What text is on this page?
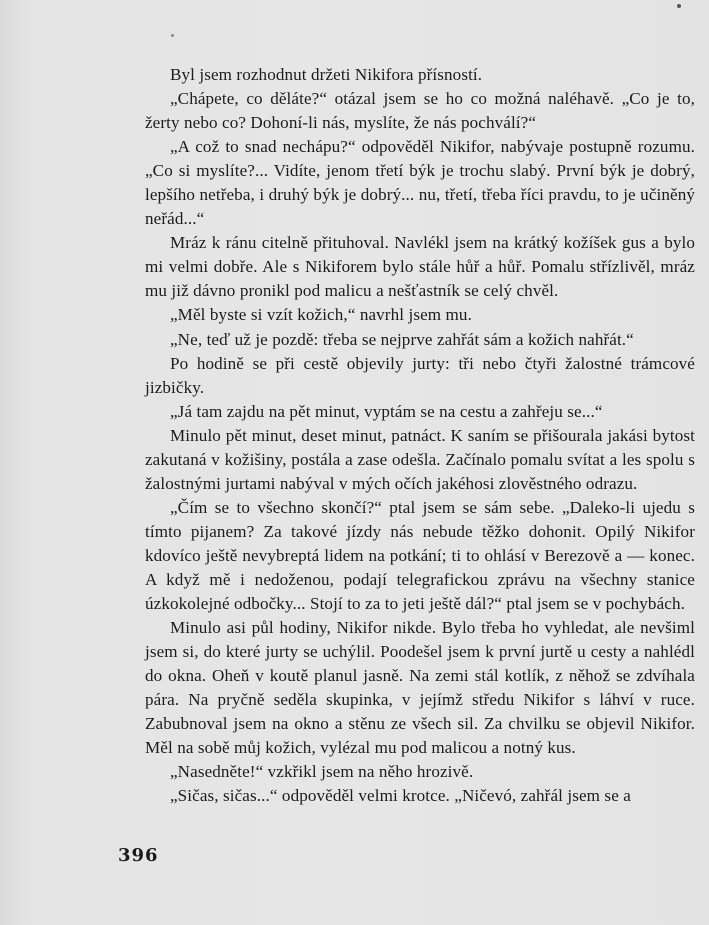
Byl jsem rozhodnut držeti Nikifora přísností.

„Chápete, co děláte?“ otázal jsem se ho co možná naléhavě. „Co je to, žerty nebo co? Dohoní-li nás, myslíte, že nás pochválí?“

„A což to snad nechápu?“ odpověděl Nikifor, nabývaje postupně rozumu. „Co si myslíte?... Vidíte, jenom třetí býk je trochu slabý. První býk je dobrý, lepšího netřeba, i druhý býk je dobrý... nu, třetí, třeba říci pravdu, to je učiněný neřád...“

Mráz k ránu citelně přituhoval. Navlékl jsem na krátký kožíšek gus a bylo mi velmi dobře. Ale s Nikiforem bylo stále hůř a hůř. Pomalu střízlivěl, mráz mu již dávno pronikl pod malicu a nešťastník se celý chvěl.

„Měl byste si vzít kožich,“ navrhl jsem mu.

„Ne, teď už je pozdě: třeba se nejprve zahřát sám a kožich nahřát.“

Po hodině se při cestě objevily jurty: tři nebo čtyři žalostné trámcové jizbičky.

„Já tam zajdu na pět minut, vyptám se na cestu a zahřeju se...“

Minulo pět minut, deset minut, patnáct. K saním se přišourala jakási bytost zakutaná v kožišiny, postála a zase odešla. Začínalo pomalu svítat a les spolu s žalostnými jurtami nabýval v mých očích jakéhosi zlověstného odrazu.

„Čím se to všechno skončí?“ ptal jsem se sám sebe. „Daleko-li ujedu s tímto pijanem? Za takové jízdy nás nebude těžko dohonit. Opilý Nikifor kdovíco ještě nevybreptá lidem na potkání; ti to ohlásí v Berezově a — konec. A když mě i nedoženou, podají telegrafickou zprávu na všechny stanice úzkokolejné odbočky... Stojí to za to jeti ještě dál?“ ptal jsem se v pochybách.

Minulo asi půl hodiny, Nikifor nikde. Bylo třeba ho vyhledat, ale nevšiml jsem si, do které jurty se uchýlil. Poodešel jsem k první jurtě u cesty a nahlédl do okna. Oheň v koutě planul jasně. Na zemi stál kotlík, z něhož se zdvíhala pára. Na pryčně seděla skupinka, v jejímž středu Nikifor s láhví v ruce. Zabubnoval jsem na okno a stěnu ze všech sil. Za chvilku se objevil Nikifor. Měl na sobě můj kožich, vylézal mu pod malicou a notný kus.

„Nasedněte!“ vzkřikl jsem na něho hrozivě.

„Sičas, sičas...“ odpověděl velmi krotce. „Ničevó, zahřál jsem se a

396
